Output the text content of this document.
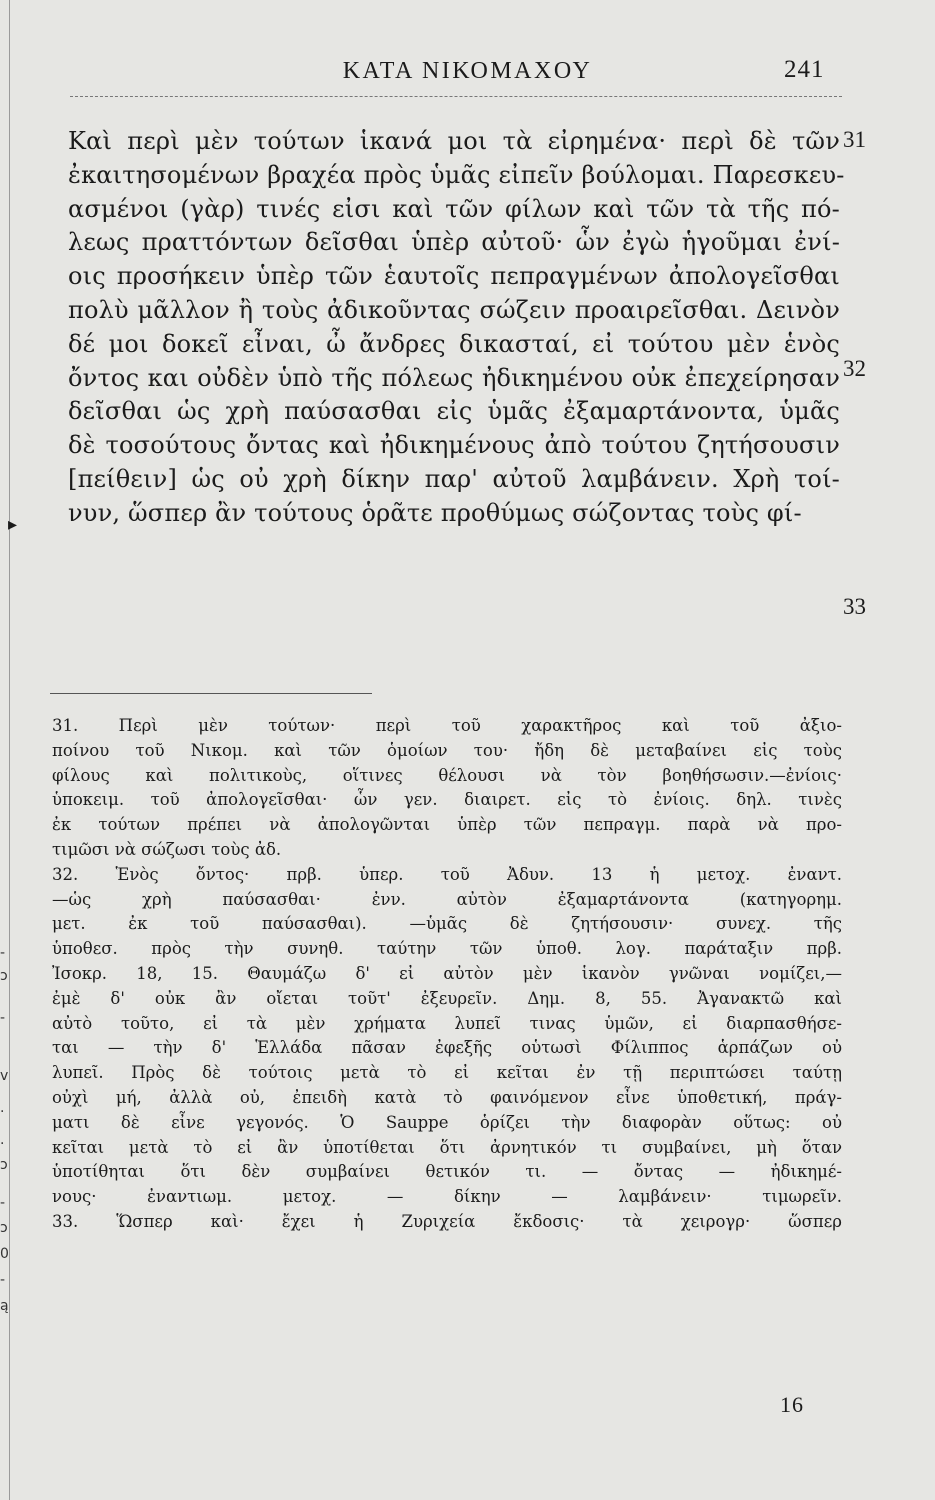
-
ɔ
-
v
.
.
ɔ
-
ɔ
0
-
ą
▸
ΚΑΤΑ ΝΙΚΟΜΑΧΟΥ	241
Καὶ περὶ μὲν τούτων ἱκανά μοι τὰ εἰρημένα· περὶ δὲ τῶν
ἐκαιτησομένων βραχέα πρὸς ὑμᾶς εἰπεῖν βούλομαι. Παρεσκευ-
ασμένοι (γὰρ) τινές εἰσι καὶ τῶν φίλων καὶ τῶν τὰ τῆς πό-
λεως πραττόντων δεῖσθαι ὑπὲρ αὐτοῦ· ὧν ἐγὼ ἡγοῦμαι ἐνί-
οις προσήκειν ὑπὲρ τῶν ἑαυτοῖς πεπραγμένων ἀπολογεῖσθαι
πολὺ μᾶλλον ἢ τοὺς ἀδικοῦντας σώζειν προαιρεῖσθαι. Δεινὸν
δέ μοι δοκεῖ εἶναι, ὦ ἄνδρες δικασταί, εἰ τούτου μὲν ἑνὸς
ὄντος και οὐδὲν ὑπὸ τῆς πόλεως ἠδικημένου οὐκ ἐπεχείρησαν
δεῖσθαι ὡς χρὴ παύσασθαι εἰς ὑμᾶς ἐξαμαρτάνοντα, ὑμᾶς
δὲ τοσούτους ὄντας καὶ ἠδικημένους ἀπὸ τούτου ζητήσουσιν
[πείθειν] ὡς οὐ χρὴ δίκην παρ' αὐτοῦ λαμβάνειν. Χρὴ τοί-
νυν, ὥσπερ ἂν τούτους ὁρᾶτε προθύμως σώζοντας τοὺς φί-
31
32
33
31. Περὶ μὲν τούτων· περὶ τοῦ χαρακτῆρος καὶ τοῦ ἀξιο-
ποίνου τοῦ Νικομ. καὶ τῶν ὁμοίων του· ἤδη δὲ μεταβαίνει εἰς τοὺς
φίλους καὶ πολιτικοὺς, οἵτινες θέλουσι νὰ τὸν βοηθήσωσιν.—ἐνίοις·
ὑποκειμ. τοῦ ἀπολογεῖσθαι· ὧν γεν. διαιρετ. εἰς τὸ ἐνίοις. δηλ. τινὲς
ἐκ τούτων πρέπει νὰ ἀπολογῶνται ὑπὲρ τῶν πεπραγμ. παρὰ νὰ προ-
τιμῶσι νὰ σώζωσι τοὺς ἀδ.
32. Ἑνὸς ὄντος· πρβ. ὑπερ. τοῦ Ἀδυν. 13 ἡ μετοχ. ἐναντ.
—ὡς χρὴ παύσασθαι· ἐνν. αὐτὸν ἐξαμαρτάνοντα (κατηγορημ.
μετ. ἐκ τοῦ παύσασθαι). —ὑμᾶς δὲ ζητήσουσιν· συνεχ. τῆς
ὑποθεσ. πρὸς τὴν συνηθ. ταύτην τῶν ὑποθ. λογ. παράταξιν πρβ.
Ἰσοκρ. 18, 15. Θαυμάζω δ' εἰ αὐτὸν μὲν ἱκανὸν γνῶναι νομίζει,—
ἐμὲ δ' οὐκ ἂν οἴεται τοῦτ' ἐξευρεῖν. Δημ. 8, 55. Ἀγανακτῶ καὶ
αὐτὸ τοῦτο, εἰ τὰ μὲν χρήματα λυπεῖ τινας ὑμῶν, εἰ διαρπασθήσε-
ται — τὴν δ' Ἑλλάδα πᾶσαν ἐφεξῆς οὑτωσὶ Φίλιππος ἁρπάζων οὐ
λυπεῖ. Πρὸς δὲ τούτοις μετὰ τὸ εἰ κεῖται ἐν τῇ περιπτώσει ταύτῃ
οὐχὶ μή, ἀλλὰ οὐ, ἐπειδὴ κατὰ τὸ φαινόμενον εἶνε ὑποθετική, πράγ-
ματι δὲ εἶνε γεγονός. Ὁ Sauppe ὁρίζει τὴν διαφορὰν οὕτως: οὐ
κεῖται μετὰ τὸ εἰ ἂν ὑποτίθεται ὅτι ἀρνητικόν τι συμβαίνει, μὴ ὅταν
ὑποτίθηται ὅτι δὲν συμβαίνει θετικόν τι. — ὄντας — ἠδικημέ-
νους· ἐναντιωμ. μετοχ. — δίκην — λαμβάνειν· τιμωρεῖν.
33. Ὥσπερ καὶ· ἔχει ἡ Ζυριχεία ἔκδοσις· τὰ χειρογρ· ὥσπερ
16
